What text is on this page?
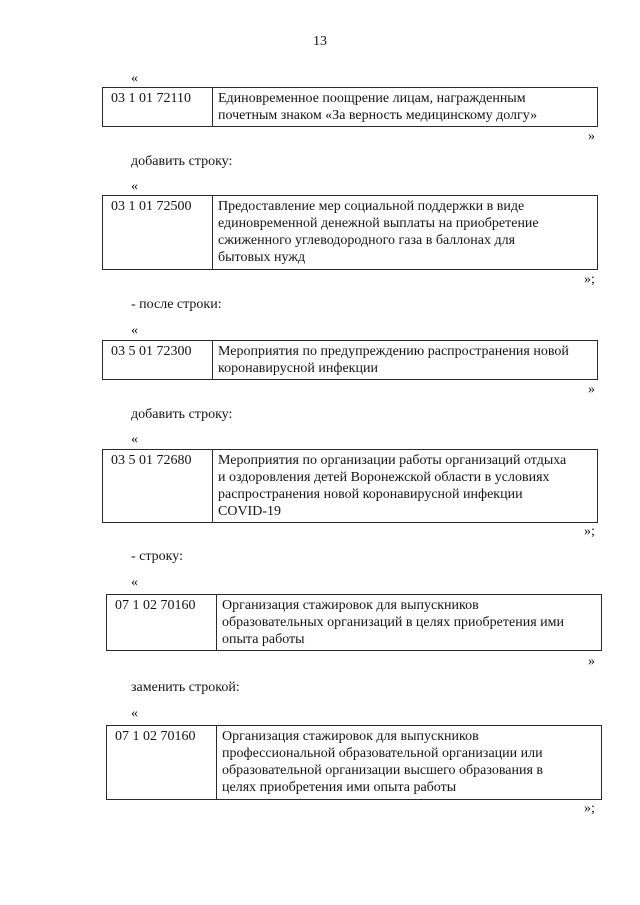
13
«
03 1 01 72110	Единовременное поощрение лицам, награжденным
почетным знаком «За верность медицинскому долгу»
»
добавить строку:
«
03 1 01 72500	Предоставление мер социальной поддержки в виде
единовременной денежной выплаты на приобретение
сжиженного углеводородного газа в баллонах для
бытовых нужд
»;
- после строки:
«
03 5 01 72300	Мероприятия по предупреждению распространения новой
коронавирусной инфекции
»
добавить строку:
«
03 5 01 72680	Мероприятия по организации работы организаций отдыха
и оздоровления детей Воронежской области в условиях
распространения новой коронавирусной инфекции
COVID-19
»;
- строку:
«
07 1 02 70160	Организация стажировок для выпускников
образовательных организаций в целях приобретения ими
опыта работы
»
заменить строкой:
«
07 1 02 70160	Организация стажировок для выпускников
профессиональной образовательной организации или
образовательной организации высшего образования в
целях приобретения ими опыта работы
»;
